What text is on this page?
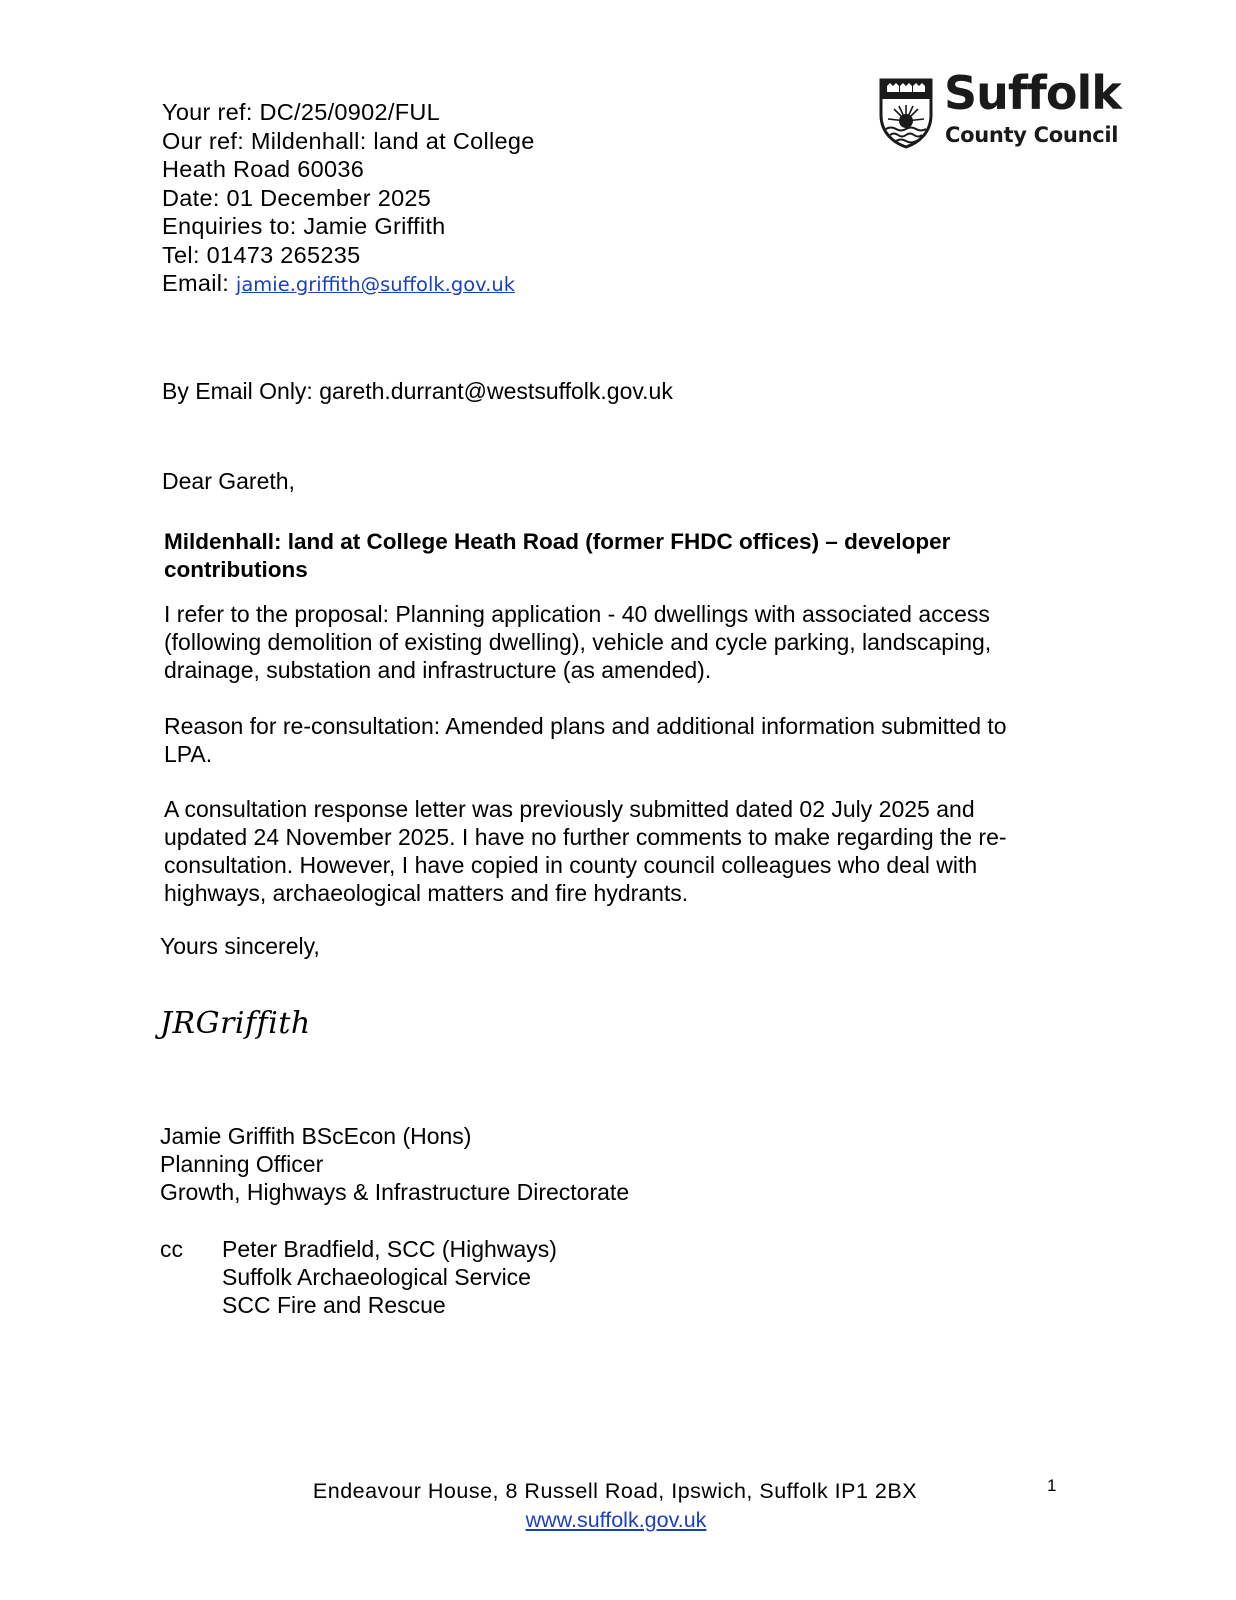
Your ref: DC/25/0902/FUL
Our ref: Mildenhall: land at College
Heath Road 60036
Date: 01 December 2025
Enquiries to: Jamie Griffith
Tel: 01473 265235
Email: jamie.griffith@suffolk.gov.uk
Suffolk
County Council
By Email Only: gareth.durrant@westsuffolk.gov.uk
Dear Gareth,
Mildenhall: land at College Heath Road (former FHDC offices) – developer
contributions
I refer to the proposal: Planning application - 40 dwellings with associated access
(following demolition of existing dwelling), vehicle and cycle parking, landscaping,
drainage, substation and infrastructure (as amended).
Reason for re-consultation: Amended plans and additional information submitted to
LPA.
A consultation response letter was previously submitted dated 02 July 2025 and
updated 24 November 2025. I have no further comments to make regarding the re-
consultation. However, I have copied in county council colleagues who deal with
highways, archaeological matters and fire hydrants.
Yours sincerely,
JRGriffith
Jamie Griffith BScEcon (Hons)
Planning Officer
Growth, Highways & Infrastructure Directorate
cc Peter Bradfield, SCC (Highways)
Suffolk Archaeological Service
SCC Fire and Rescue
Endeavour House, 8 Russell Road, Ipswich, Suffolk IP1 2BX
www.suffolk.gov.uk
1
